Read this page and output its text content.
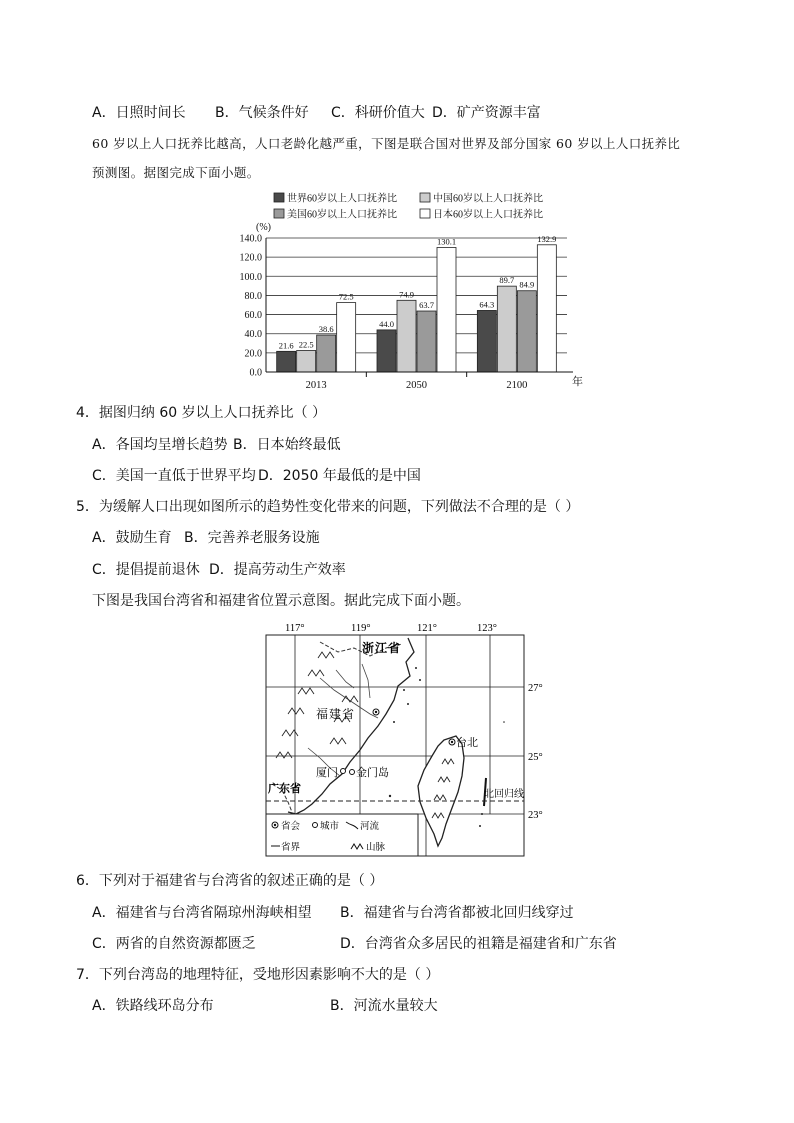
A．日照时间长 B．气候条件好 C．科研价值大 D．矿产资源丰富
60 岁以上人口抚养比越高，人口老龄化越严重，下图是联合国对世界及部分国家 60 岁以上人口抚养比
预测图。据图完成下面小题。
世界60岁以上人口抚养比	中国60岁以上人口抚养比
美国60岁以上人口抚养比	日本60岁以上人口抚养比
(%)
0.0
20.0
40.0
60.0
80.0
100.0
120.0
140.0
21.6 22.5
38.6
72.5
2013
44.0
74.9
63.7
130.1
2050
64.3
89.7 84.9
132.9
2100	年
4．据图归纳 60 岁以上人口抚养比（ ）
A．各国均呈增长趋势 B．日本始终最低
C．美国一直低于世界平均 D．2050 年最低的是中国
5．为缓解人口出现如图所示的趋势性变化带来的问题，下列做法不合理的是（ ）
A．鼓励生育 B．完善养老服务设施
C．提倡提前退休 D．提高劳动生产效率
下图是我国台湾省和福建省位置示意图。据此完成下面小题。
117°	119°	121°	123°
27°
25°
23°
浙江省
福建省
广东省
厦门 金门岛
台北
北回归线
省会 城市 河流
省界	山脉
6．下列对于福建省与台湾省的叙述正确的是（ ）
A．福建省与台湾省隔琼州海峡相望 B．福建省与台湾省都被北回归线穿过
C．两省的自然资源都匮乏	D．台湾省众多居民的祖籍是福建省和广东省
7．下列台湾岛的地理特征，受地形因素影响不大的是（ ）
A．铁路线环岛分布	B．河流水量较大
